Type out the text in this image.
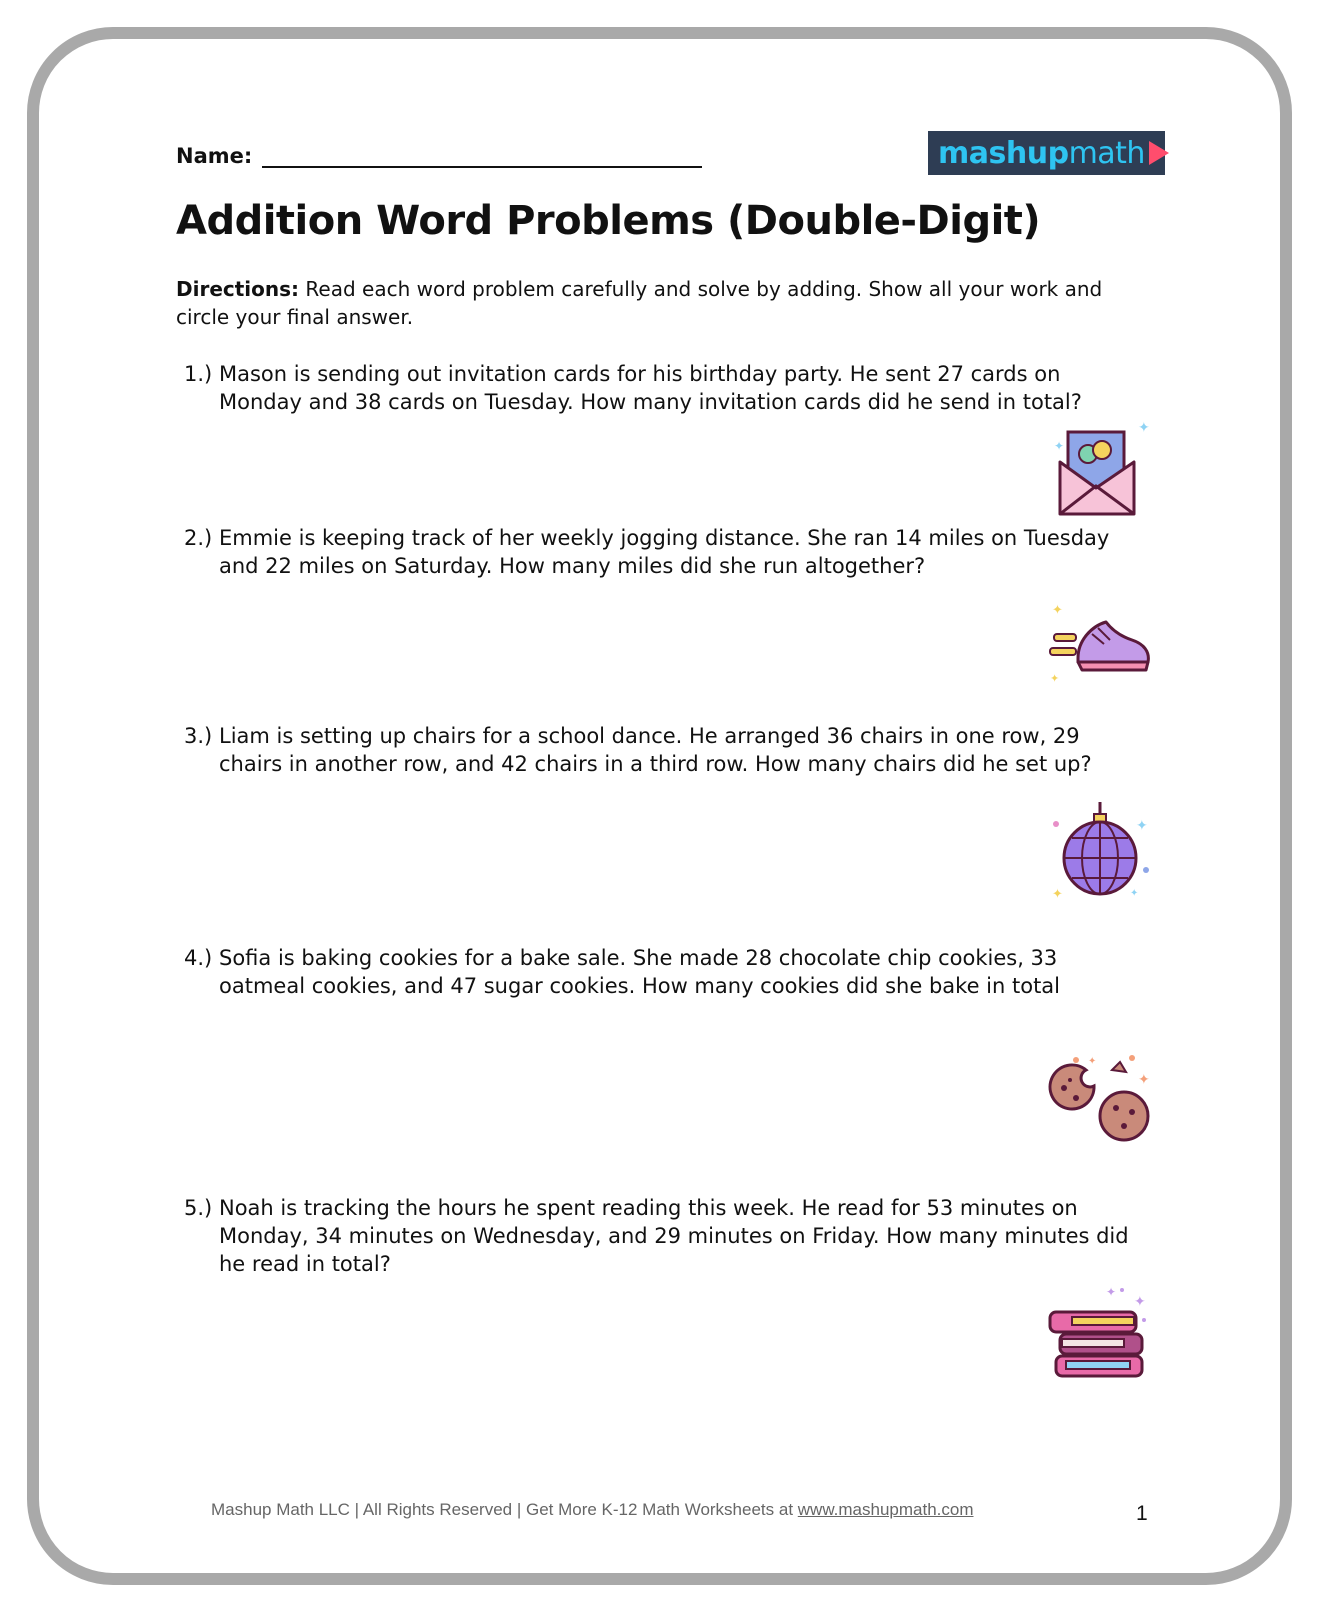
Name:	mashup math
Addition Word Problems (Double-Digit)
Directions: Read each word problem carefully and solve by adding. Show all your work and circle your final answer.
1.) Mason is sending out invitation cards for his birthday party. He sent 27 cards on Monday and 38 cards on Tuesday. How many invitation cards did he send in total?
2.) Emmie is keeping track of her weekly jogging distance. She ran 14 miles on Tuesday and 22 miles on Saturday. How many miles did she run altogether?
3.) Liam is setting up chairs for a school dance. He arranged 36 chairs in one row, 29 chairs in another row, and 42 chairs in a third row. How many chairs did he set up?
4.) Sofia is baking cookies for a bake sale. She made 28 chocolate chip cookies, 33 oatmeal cookies, and 47 sugar cookies. How many cookies did she bake in total
5.) Noah is tracking the hours he spent reading this week. He read for 53 minutes on Monday, 34 minutes on Wednesday, and 29 minutes on Friday. How many minutes did he read in total?
✦
✦
✦
✦
✦
✦	✦
✦
✦
✦
✦
Mashup Math LLC | All Rights Reserved | Get More K-12 Math Worksheets at www.mashupmath.com	1
